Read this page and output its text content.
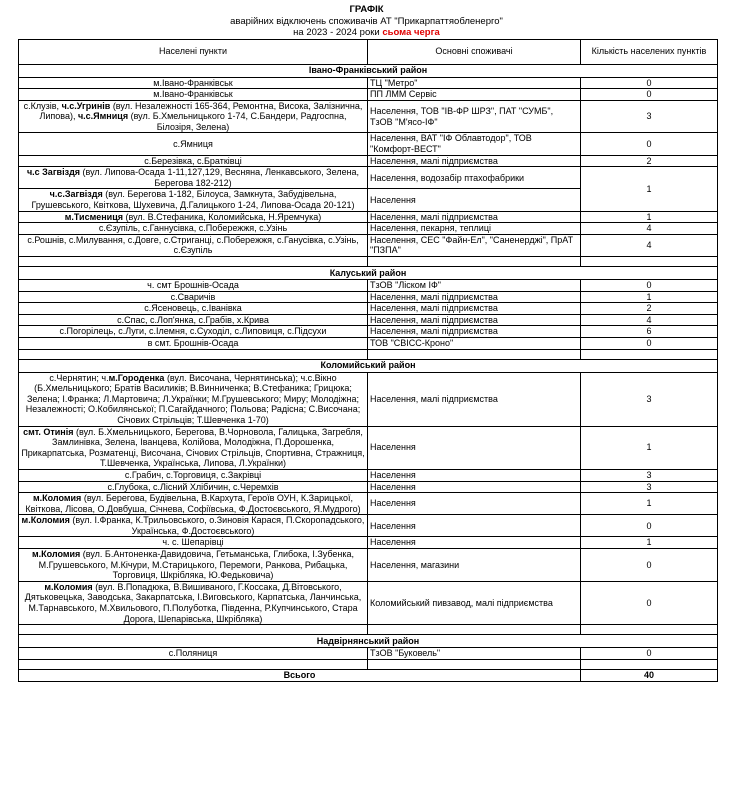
ГРАФІК
аварійних відключень споживачів АТ "Прикарпаттяобленерго"
на 2023 - 2024 роки сьома черга
Населені пункти	Основні споживачі	Кількість населених пунктів
Івано-Франківський район		
м.Івано-Франківськ	ТЦ "Метро"	0
м.Івано-Франківськ	ПП ЛММ Сервіс	0
с.Клузів, ч.с.Угринів (вул. Незалежності 165-364, Ремонтна, Висока, Залізнична, Липова), ч.с.Ямниця (вул. Б.Хмельницького 1-74, С.Бандери, Радгоспна, Білозіря, Зелена)	Населення, ТОВ "ІВ-ФР ШРЗ", ПАТ "СУМБ", ТзОВ "М'ясо-ІФ"	3
с.Ямниця	Населення, ВАТ "ІФ Облавтодор", ТОВ "Комфорт-ВЕСТ"	0
с.Березівка, с.Братківці	Населення, малі підприємства	2
ч.с Загвіздя (вул. Липова-Осада 1-11,127,129, Весняна, Ленкавського, Зелена, Берегова 182-212)	Населення, водозабір птахофабрики	1
ч.с.Загвіздя (вул. Берегова 1-182, Білоуса, Замкнута, Забудівельна, Грушевського, Квіткова, Шухевича, Д.Галицького 1-24, Липова-Осада 20-121)	Населення	
м.Тисмениця (вул. В.Стефаника, Коломийська, Н.Яремчука)	Населення, малі підприємства	1
с.Єзупіль, с.Ганнусівка, с.Побережжя, с.Узінь	Населення, пекарня, теплиці	4
с.Рошнів, с.Милування, с.Довге, с.Стриганці, с.Побережжя, с.Ганусівка, с.Узінь, с.Єзупіль	Населення, СЕС "Файн-Ел", "Саненерджі", ПрАТ "ПЗПА"	4

Калуський район		
ч. смт Брошнів-Осада	ТзОВ "Ліском ІФ"	0
с.Сваричів	Населення, малі підприємства	1
с.Ясеновець, с.Іванівка	Населення, малі підприємства	2
с.Спас, с.Лоп'янка, с.Грабів, х.Крива	Населення, малі підприємства	4
с.Погорілець, с.Луги, с.Ілемня, с.Суходіл, с.Липовиця, с.Підсухи	Населення, малі підприємства	6
в смт. Брошнів-Осада	ТОВ "СВІСС-Кроно"	0

Коломийський район		
с.Чернятин; ч.м.Городенка (вул. Височана, Чернятинська); ч.с.Вікно (Б.Хмельницького; Братів Василиків; В.Винниченка; В.Стефаника; Грицюка; Зелена; І.Франка; Л.Мартовича; Л.Українки; М.Грушевського; Миру; Молодіжна; Незалежності; О.Кобилянської; П.Сагайдачного; Польова; Радісна; С.Височана; Січових Стрільців; Т.Шевченка 1-70)	Населення, малі підприємства	3
смт. Отинія (вул. Б.Хмельницького, Берегова, В.Чорновола, Галицька, Загребля, Замлинівка, Зелена, Іванцева, Колійова, Молодіжна, П.Дорошенка, Прикарпатська, Розматенці, Височана, Січових Стрільців, Спортивна, Стражниця, Т.Шевченка, Українська, Липова, Л.Українки)	Населення	1
с.Грабич, с.Торговиця, с.Закрівці	Населення	3
с.Глубока, с.Лісний Хлібичин, с.Черемхів	Населення	3
м.Коломия (вул. Берегова, Будівельна, В.Кархута, Героїв ОУН, К.Зарицької, Квіткова, Лісова, О.Довбуша, Січнева, Софіївська, Ф.Достоєвського, Я.Мудрого)	Населення	1
м.Коломия (вул. І.Франка, К.Трильовського, о.Зиновія Карася, П.Скоропадського, Українська, Ф.Достоєвського)	Населення	0
ч. с. Шепарівці	Населення	1
м.Коломия (вул. Б.Антоненка-Давидовича, Гетьманська, Глибока, І.Зубенка, М.Грушевського, М.Кічури, М.Старицького, Перемоги, Ранкова, Рибацька, Торговиця, Шкрібляка, Ю.Федьковича)	Населення, магазини	0
м.Коломия (вул. В.Попадюка, В.Вишиваного, Г.Коссака, Д.Вітовського, Дятьковецька, Заводська, Закарпатська, І.Виговського, Карпатська, Ланчинська, М.Тарнавського, М.Хвильового, П.Полуботка, Південна, Р.Купчинського, Стара Дорога, Шепарівська, Шкрібляка)	Коломийський пивзавод, малі підприємства	0

Надвірнянський район		
с.Поляниця	ТзОВ "Буковель"	0

Всього		40
